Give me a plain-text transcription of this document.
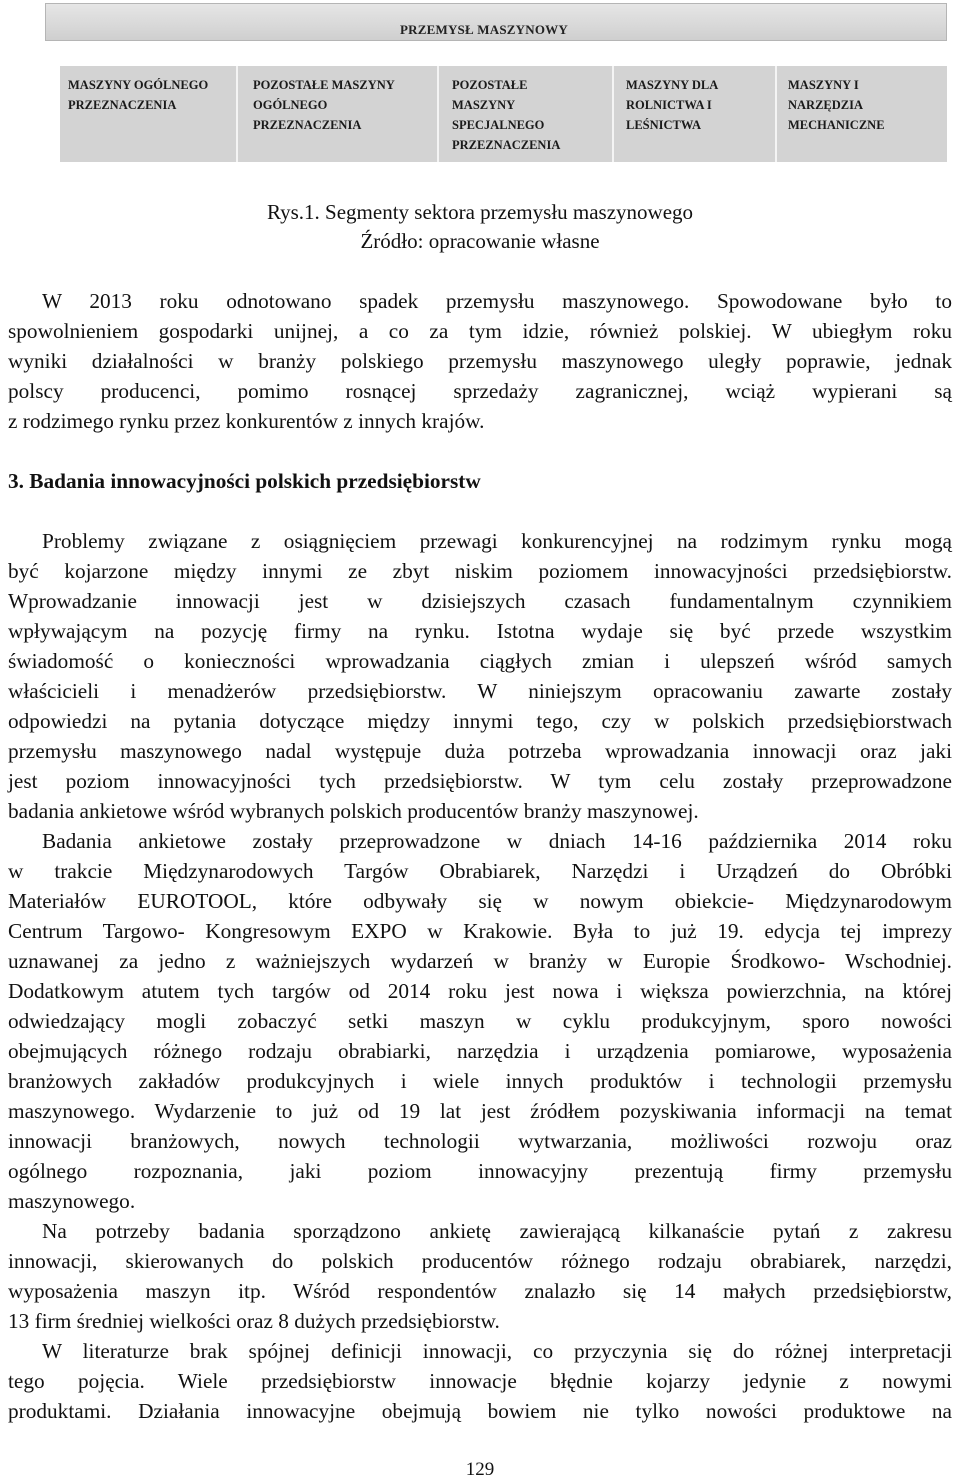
PRZEMYSŁ MASZYNOWY
MASZYNY OGÓLNEGO
PRZEZNACZENIA
POZOSTAŁE MASZYNY
OGÓLNEGO
PRZEZNACZENIA
POZOSTAŁE
MASZYNY
SPECJALNEGO
PRZEZNACZENIA
MASZYNY DLA
ROLNICTWA I
LEŚNICTWA
MASZYNY I
NARZĘDZIA
MECHANICZNE
Rys.1. Segmenty sektora przemysłu maszynowego
Źródło: opracowanie własne
W 2013 roku odnotowano spadek przemysłu maszynowego. Spowodowane było to
spowolnieniem gospodarki unijnej, a co za tym idzie, również polskiej. W ubiegłym roku
wyniki działalności w branży polskiego przemysłu maszynowego uległy poprawie, jednak
polscy producenci, pomimo rosnącej sprzedaży zagranicznej, wciąż wypierani są
z rodzimego rynku przez konkurentów z innych krajów.
3. Badania innowacyjności polskich przedsiębiorstw
Problemy związane z osiągnięciem przewagi konkurencyjnej na rodzimym rynku mogą
być kojarzone między innymi ze zbyt niskim poziomem innowacyjności przedsiębiorstw.
Wprowadzanie innowacji jest w dzisiejszych czasach fundamentalnym czynnikiem
wpływającym na pozycję firmy na rynku. Istotna wydaje się być przede wszystkim
świadomość o konieczności wprowadzania ciągłych zmian i ulepszeń wśród samych
właścicieli i menadżerów przedsiębiorstw. W niniejszym opracowaniu zawarte zostały
odpowiedzi na pytania dotyczące między innymi tego, czy w polskich przedsiębiorstwach
przemysłu maszynowego nadal występuje duża potrzeba wprowadzania innowacji oraz jaki
jest poziom innowacyjności tych przedsiębiorstw. W tym celu zostały przeprowadzone
badania ankietowe wśród wybranych polskich producentów branży maszynowej.
Badania ankietowe zostały przeprowadzone w dniach 14-16 października 2014 roku
w trakcie Międzynarodowych Targów Obrabiarek, Narzędzi i Urządzeń do Obróbki
Materiałów EUROTOOL, które odbywały się w nowym obiekcie- Międzynarodowym
Centrum Targowo- Kongresowym EXPO w Krakowie. Była to już 19. edycja tej imprezy
uznawanej za jedno z ważniejszych wydarzeń w branży w Europie Środkowo- Wschodniej.
Dodatkowym atutem tych targów od 2014 roku jest nowa i większa powierzchnia, na której
odwiedzający mogli zobaczyć setki maszyn w cyklu produkcyjnym, sporo nowości
obejmujących różnego rodzaju obrabiarki, narzędzia i urządzenia pomiarowe, wyposażenia
branżowych zakładów produkcyjnych i wiele innych produktów i technologii przemysłu
maszynowego. Wydarzenie to już od 19 lat jest źródłem pozyskiwania informacji na temat
innowacji branżowych, nowych technologii wytwarzania, możliwości rozwoju oraz
ogólnego rozpoznania, jaki poziom innowacyjny prezentują firmy przemysłu
maszynowego.
Na potrzeby badania sporządzono ankietę zawierającą kilkanaście pytań z zakresu
innowacji, skierowanych do polskich producentów różnego rodzaju obrabiarek, narzędzi,
wyposażenia maszyn itp. Wśród respondentów znalazło się 14 małych przedsiębiorstw,
13 firm średniej wielkości oraz 8 dużych przedsiębiorstw.
W literaturze brak spójnej definicji innowacji, co przyczynia się do różnej interpretacji
tego pojęcia. Wiele przedsiębiorstw innowacje błędnie kojarzy jedynie z nowymi
produktami. Działania innowacyjne obejmują bowiem nie tylko nowości produktowe na
129
